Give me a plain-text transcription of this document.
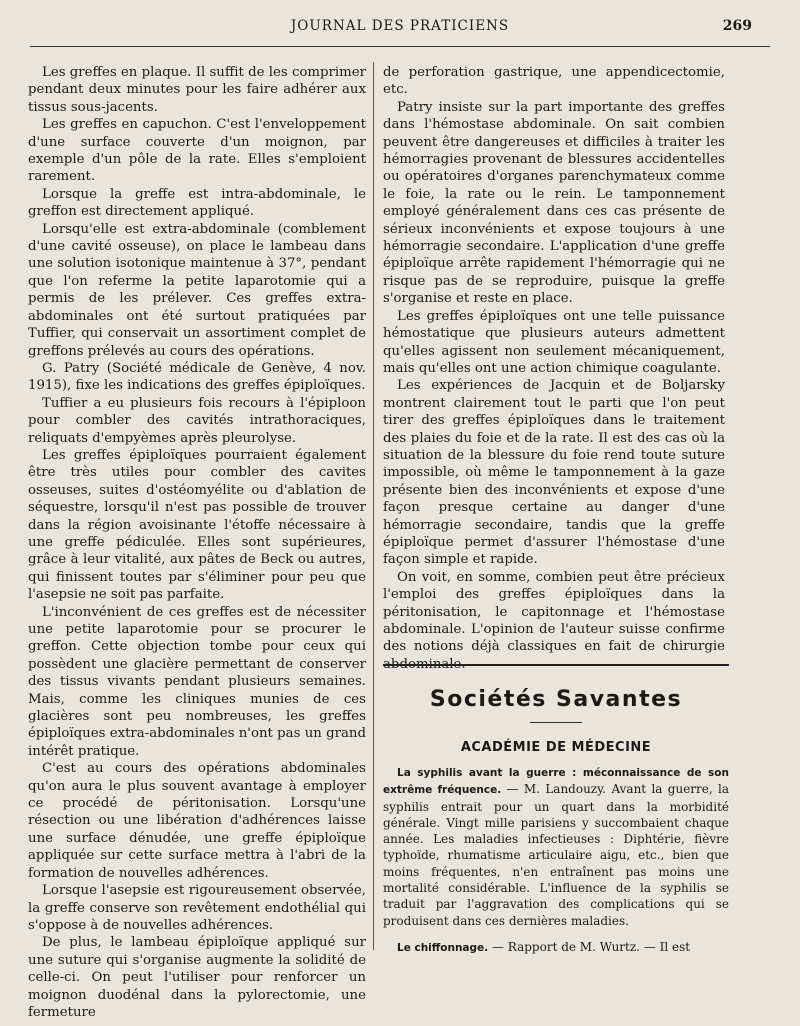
JOURNAL DES PRATICIENS	269

Les greffes en plaque. Il suffit de les comprimer pendant deux minutes pour les faire adhérer aux tissus sous-jacents.

Les greffes en capuchon. C'est l'enveloppement d'une surface couverte d'un moignon, par exemple d'un pôle de la rate. Elles s'emploient rarement.

Lorsque la greffe est intra-abdominale, le greffon est directement appliqué.

Lorsqu'elle est extra-abdominale (comblement d'une cavité osseuse), on place le lambeau dans une solution isotonique maintenue à 37°, pendant que l'on referme la petite laparotomie qui a permis de les prélever. Ces greffes extra-abdominales ont été surtout pratiquées par Tuffier, qui conservait un assortiment complet de greffons prélevés au cours des opérations.

G. Patry (Société médicale de Genève, 4 nov. 1915), fixe les indications des greffes épiploïques.

Tuffier a eu plusieurs fois recours à l'épiploon pour combler des cavités intrathoraciques, reliquats d'empyèmes après pleurolyse.

Les greffes épiploïques pourraient également être très utiles pour combler des cavites osseuses, suites d'ostéomyélite ou d'ablation de séquestre, lorsqu'il n'est pas possible de trouver dans la région avoisinante l'étoffe nécessaire à une greffe pédiculée. Elles sont supérieures, grâce à leur vitalité, aux pâtes de Beck ou autres, qui finissent toutes par s'éliminer pour peu que l'asepsie ne soit pas parfaite.

L'inconvénient de ces greffes est de nécessiter une petite laparotomie pour se procurer le greffon. Cette objection tombe pour ceux qui possèdent une glacière permettant de conserver des tissus vivants pendant plusieurs semaines. Mais, comme les cliniques munies de ces glacières sont peu nombreuses, les greffes épiploïques extra-abdominales n'ont pas un grand intérêt pratique.

C'est au cours des opérations abdominales qu'on aura le plus souvent avantage à employer ce procédé de péritonisation. Lorsqu'une résection ou une libération d'adhérences laisse une surface dénudée, une greffe épiploïque appliquée sur cette surface mettra à l'abri de la formation de nouvelles adhérences.

Lorsque l'asepsie est rigoureusement observée, la greffe conserve son revêtement endothélial qui s'oppose à de nouvelles adhérences.

De plus, le lambeau épiploïque appliqué sur une suture qui s'organise augmente la solidité de celle-ci. On peut l'utiliser pour renforcer un moignon duodénal dans la pylorectomie, une fermeture

de perforation gastrique, une appendicectomie, etc.

Patry insiste sur la part importante des greffes dans l'hémostase abdominale. On sait combien peuvent être dangereuses et difficiles à traiter les hémorragies provenant de blessures accidentelles ou opératoires d'organes parenchymateux comme le foie, la rate ou le rein. Le tamponnement employé généralement dans ces cas présente de sérieux inconvénients et expose toujours à une hémorragie secondaire. L'application d'une greffe épiploïque arrête rapidement l'hémorragie qui ne risque pas de se reproduire, puisque la greffe s'organise et reste en place.

Les greffes épiploïques ont une telle puissance hémostatique que plusieurs auteurs admettent qu'elles agissent non seulement mécaniquement, mais qu'elles ont une action chimique coagulante.

Les expériences de Jacquin et de Boljarsky montrent clairement tout le parti que l'on peut tirer des greffes épiploïques dans le traitement des plaies du foie et de la rate. Il est des cas où la situation de la blessure du foie rend toute suture impossible, où même le tamponnement à la gaze présente bien des inconvénients et expose d'une façon presque certaine au danger d'une hémorragie secondaire, tandis que la greffe épiploïque permet d'assurer l'hémostase d'une façon simple et rapide.

On voit, en somme, combien peut être précieux l'emploi des greffes épiploïques dans la péritonisation, le capitonnage et l'hémostase abdominale. L'opinion de l'auteur suisse confirme des notions déjà classiques en fait de chirurgie abdominale.

Sociétés Savantes
ACADÉMIE DE MÉDECINE

La syphilis avant la guerre : méconnaissance de son extrême fréquence. — M. Landouzy. Avant la guerre, la syphilis entrait pour un quart dans la morbidité générale. Vingt mille parisiens y succombaient chaque année. Les maladies infectieuses : Diphtérie, fièvre typhoïde, rhumatisme articulaire aigu, etc., bien que moins fréquentes, n'en entraînent pas moins une mortalité considérable. L'influence de la syphilis se traduit par l'aggravation des complications qui se produisent dans ces dernières maladies.

Le chiffonnage. — Rapport de M. Wurtz. — Il est
